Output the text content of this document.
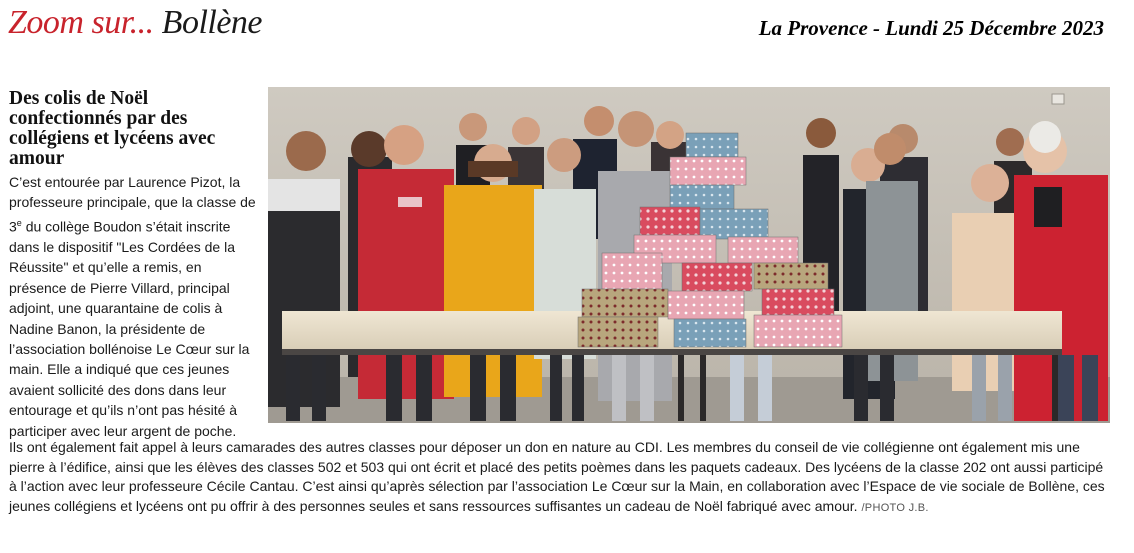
Zoom sur... Bollène	La Provence - Lundi 25 Décembre 2023
Des colis de Noël confectionnés par des collégiens et lycéens avec amour

C’est entourée par Laurence Pizot, la professeure principale, que la classe de 3e du collège Boudon s’était inscrite dans le dispositif "Les Cordées de la Réussite" et qu’elle a remis, en présence de Pierre Villard, principal adjoint, une quarantaine de colis à Nadine Banon, la présidente de l’association bollénoise Le Cœur sur la main. Elle a indiqué que ces jeunes avaient sollicité des dons dans leur entourage et qu’ils n’ont pas hésité à participer avec leur argent de poche.

Ils ont également fait appel à leurs camarades des autres classes pour déposer un don en nature au CDI. Les membres du conseil de vie collégienne ont également mis une pierre à l’édifice, ainsi que les élèves des classes 502 et 503 qui ont écrit et placé des petits poèmes dans les paquets cadeaux. Des lycéens de la classe 202 ont aussi participé à l’action avec leur professeure Cécile Cantau. C’est ainsi qu’après sélection par l’association Le Cœur sur la Main, en collaboration avec l’Espace de vie sociale de Bollène, ces jeunes collégiens et lycéens ont pu offrir à des personnes seules et sans ressources suffisantes un cadeau de Noël fabriqué avec amour. /PHOTO J.B.
